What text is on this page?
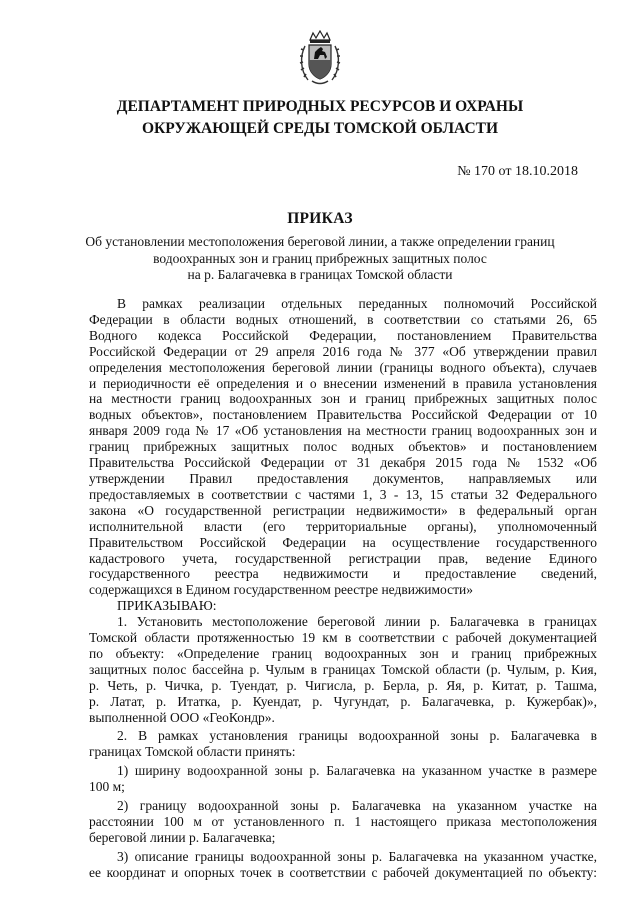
ДЕПАРТАМЕНТ ПРИРОДНЫХ РЕСУРСОВ И ОХРАНЫ
ОКРУЖАЮЩЕЙ СРЕДЫ ТОМСКОЙ ОБЛАСТИ
№ 170 от 18.10.2018
ПРИКАЗ
Об установлении местоположения береговой линии, а также определении границ
водоохранных зон и границ прибрежных защитных полос
на р. Балагачевка в границах Томской области

В рамках реализации отдельных переданных полномочий Российской

Федерации в области водных отношений, в соответствии со статьями 26, 65

Водного кодекса Российской Федерации, постановлением Правительства

Российской Федерации от 29 апреля 2016 года № 377 «Об утверждении правил

определения местоположения береговой линии (границы водного объекта), случаев

и периодичности её определения и о внесении изменений в правила установления

на местности границ водоохранных зон и границ прибрежных защитных полос

водных объектов», постановлением Правительства Российской Федерации от 10

января 2009 года № 17 «Об установления на местности границ водоохранных зон и

границ прибрежных защитных полос водных объектов» и постановлением

Правительства Российской Федерации от 31 декабря 2015 года № 1532 «Об

утверждении Правил предоставления документов, направляемых или

предоставляемых в соответствии с частями 1, 3 - 13, 15 статьи 32 Федерального

закона «О государственной регистрации недвижимости» в федеральный орган

исполнительной власти (его территориальные органы), уполномоченный

Правительством Российской Федерации на осуществление государственного

кадастрового учета, государственной регистрации прав, ведение Единого

государственного реестра недвижимости и предоставление сведений,

содержащихся в Едином государственном реестре недвижимости»

ПРИКАЗЫВАЮ:

1. Установить местоположение береговой линии р. Балагачевка в границах

Томской области протяженностью 19 км в соответствии с рабочей документацией

по объекту: «Определение границ водоохранных зон и границ прибрежных

защитных полос бассейна р. Чулым в границах Томской области (р. Чулым, р. Кия,

р. Четь, р. Чичка, р. Туендат, р. Чигисла, р. Берла, р. Яя, р. Китат, р. Ташма,

р. Латат, р. Итатка, р. Куендат, р. Чугундат, р. Балагачевка, р. Кужербак)»,

выполненной ООО «ГеоКондр».

2. В рамках установления границы водоохранной зоны р. Балагачевка в

границах Томской области принять:

1) ширину водоохранной зоны р. Балагачевка на указанном участке в размере

100 м;

2) границу водоохранной зоны р. Балагачевка на указанном участке на

расстоянии 100 м от установленного п. 1 настоящего приказа местоположения

береговой линии р. Балагачевка;

3) описание границы водоохранной зоны р. Балагачевка на указанном участке,

ее координат и опорных точек в соответствии с рабочей документацией по объекту:
